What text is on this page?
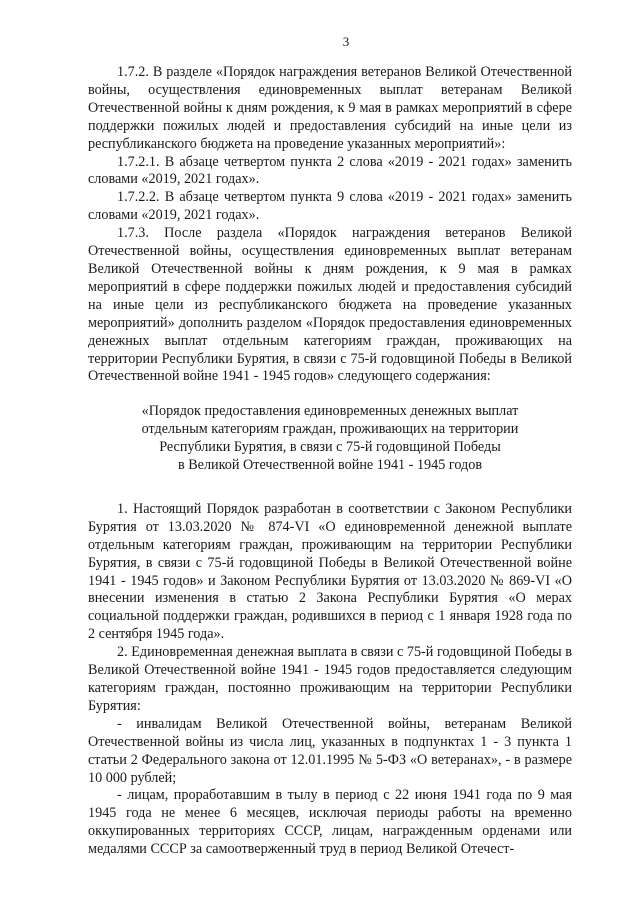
3

1.7.2. В разделе «Порядок награждения ветеранов Великой Отечественной войны, осуществления единовременных выплат ветеранам Великой Отечественной войны к дням рождения, к 9 мая в рамках мероприятий в сфере поддержки пожилых людей и предоставления субсидий на иные цели из республиканского бюджета на проведение указанных мероприятий»:

1.7.2.1. В абзаце четвертом пункта 2 слова «2019 - 2021 годах» заменить словами «2019, 2021 годах».

1.7.2.2. В абзаце четвертом пункта 9 слова «2019 - 2021 годах» заменить словами «2019, 2021 годах».

1.7.3. После раздела «Порядок награждения ветеранов Великой Отечественной войны, осуществления единовременных выплат ветеранам Великой Отечественной войны к дням рождения, к 9 мая в рамках мероприятий в сфере поддержки пожилых людей и предоставления субсидий на иные цели из республиканского бюджета на проведение указанных мероприятий» дополнить разделом «Порядок предоставления единовременных денежных выплат отдельным категориям граждан, проживающих на территории Республики Бурятия, в связи с 75-й годовщиной Победы в Великой Отечественной войне 1941 - 1945 годов» следующего содержания:

«Порядок предоставления единовременных денежных выплат
отдельным категориям граждан, проживающих на территории
Республики Бурятия, в связи с 75-й годовщиной Победы
в Великой Отечественной войне 1941 - 1945 годов

1. Настоящий Порядок разработан в соответствии с Законом Республики Бурятия от 13.03.2020 № 874-VI «О единовременной денежной выплате отдельным категориям граждан, проживающим на территории Республики Бурятия, в связи с 75-й годовщиной Победы в Великой Отечественной войне 1941 - 1945 годов» и Законом Республики Бурятия от 13.03.2020 № 869-VI «О внесении изменения в статью 2 Закона Республики Бурятия «О мерах социальной поддержки граждан, родившихся в период с 1 января 1928 года по 2 сентября 1945 года».

2. Единовременная денежная выплата в связи с 75-й годовщиной Победы в Великой Отечественной войне 1941 - 1945 годов предоставляется следующим категориям граждан, постоянно проживающим на территории Республики Бурятия:

- инвалидам Великой Отечественной войны, ветеранам Великой Отечественной войны из числа лиц, указанных в подпунктах 1 - 3 пункта 1 статьи 2 Федерального закона от 12.01.1995 № 5-ФЗ «О ветеранах», - в размере 10 000 рублей;

- лицам, проработавшим в тылу в период с 22 июня 1941 года по 9 мая 1945 года не менее 6 месяцев, исключая периоды работы на временно оккупированных территориях СССР, лицам, награжденным орденами или медалями СССР за самоотверженный труд в период Великой Отечест-
